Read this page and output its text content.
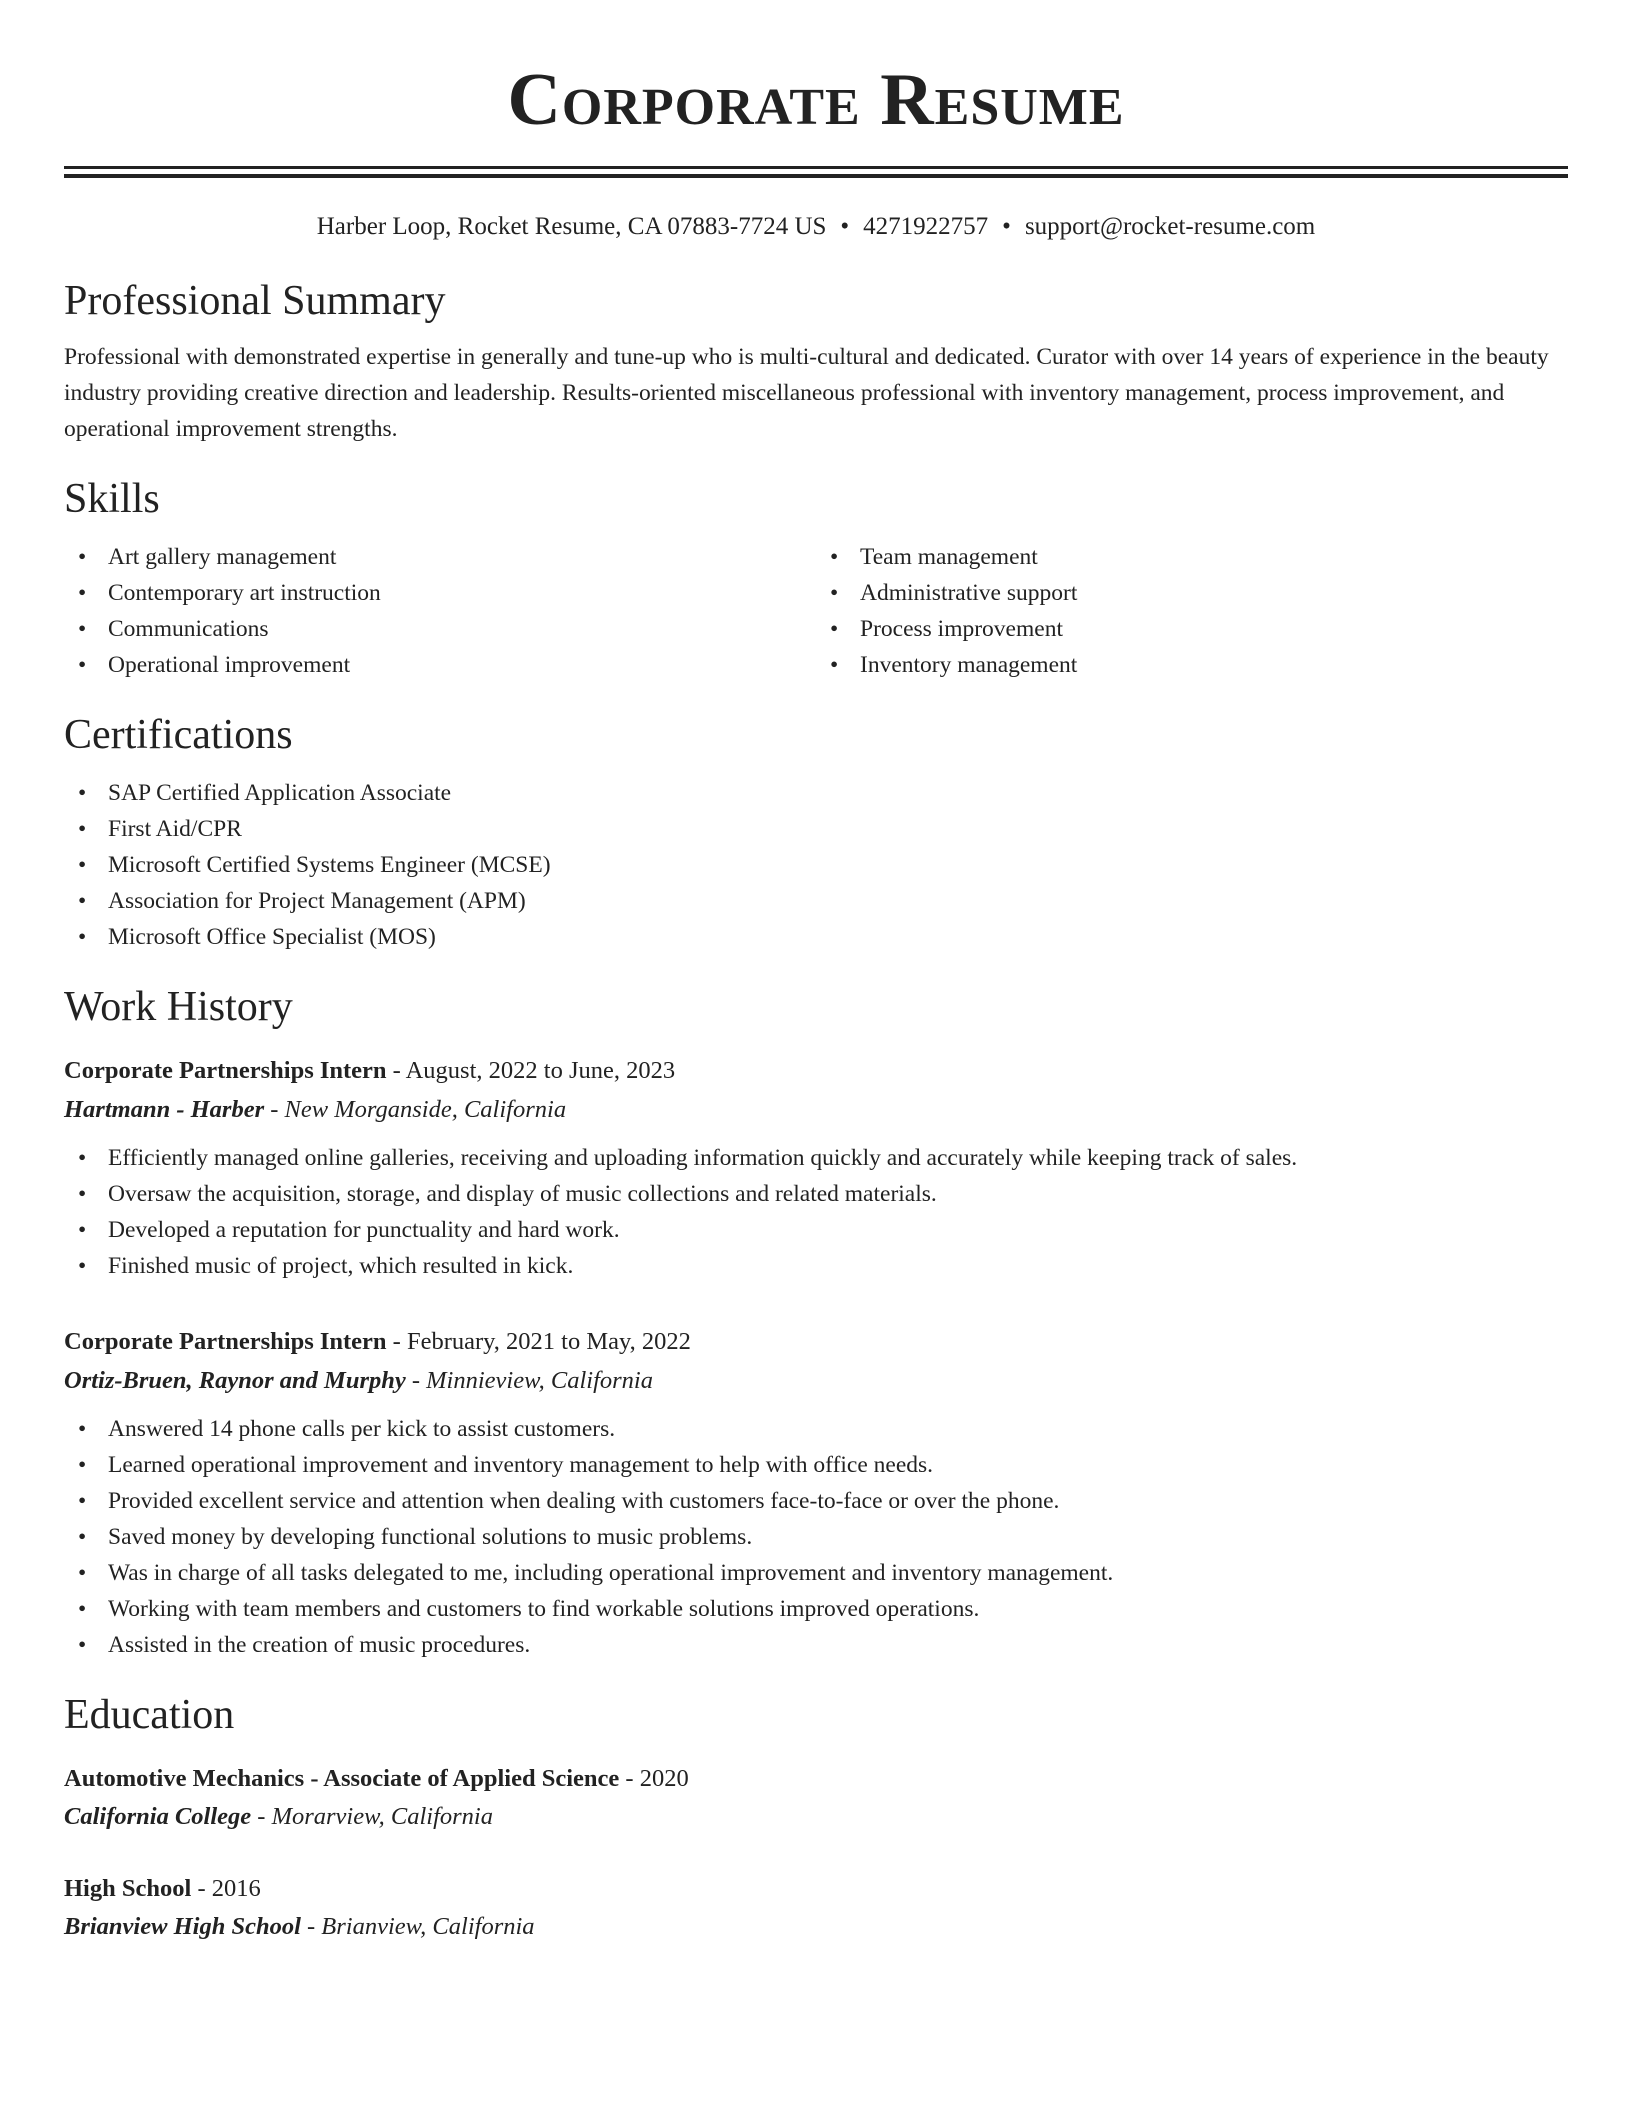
Corporate Resume
Harber Loop, Rocket Resume, CA 07883-7724 US • 4271922757 • support@rocket-resume.com
Professional Summary

Professional with demonstrated expertise in generally and tune-up who is multi-cultural and dedicated. Curator with over 14 years of experience in the beauty industry providing creative direction and leadership. Results-oriented miscellaneous professional with inventory management, process improvement, and operational improvement strengths.

Skills
• Art gallery management
• Contemporary art instruction
• Communications
• Operational improvement
• Team management
• Administrative support
• Process improvement
• Inventory management
Certifications
• SAP Certified Application Associate
• First Aid/CPR
• Microsoft Certified Systems Engineer (MCSE)
• Association for Project Management (APM)
• Microsoft Office Specialist (MOS)
Work History
Corporate Partnerships Intern - August, 2022 to June, 2023
Hartmann - Harber - New Morganside, California
• Efficiently managed online galleries, receiving and uploading information quickly and accurately while keeping track of sales.
• Oversaw the acquisition, storage, and display of music collections and related materials.
• Developed a reputation for punctuality and hard work.
• Finished music of project, which resulted in kick.
Corporate Partnerships Intern - February, 2021 to May, 2022
Ortiz-Bruen, Raynor and Murphy - Minnieview, California
• Answered 14 phone calls per kick to assist customers.
• Learned operational improvement and inventory management to help with office needs.
• Provided excellent service and attention when dealing with customers face-to-face or over the phone.
• Saved money by developing functional solutions to music problems.
• Was in charge of all tasks delegated to me, including operational improvement and inventory management.
• Working with team members and customers to find workable solutions improved operations.
• Assisted in the creation of music procedures.
Education
Automotive Mechanics - Associate of Applied Science - 2020
California College - Morarview, California
High School - 2016
Brianview High School - Brianview, California
